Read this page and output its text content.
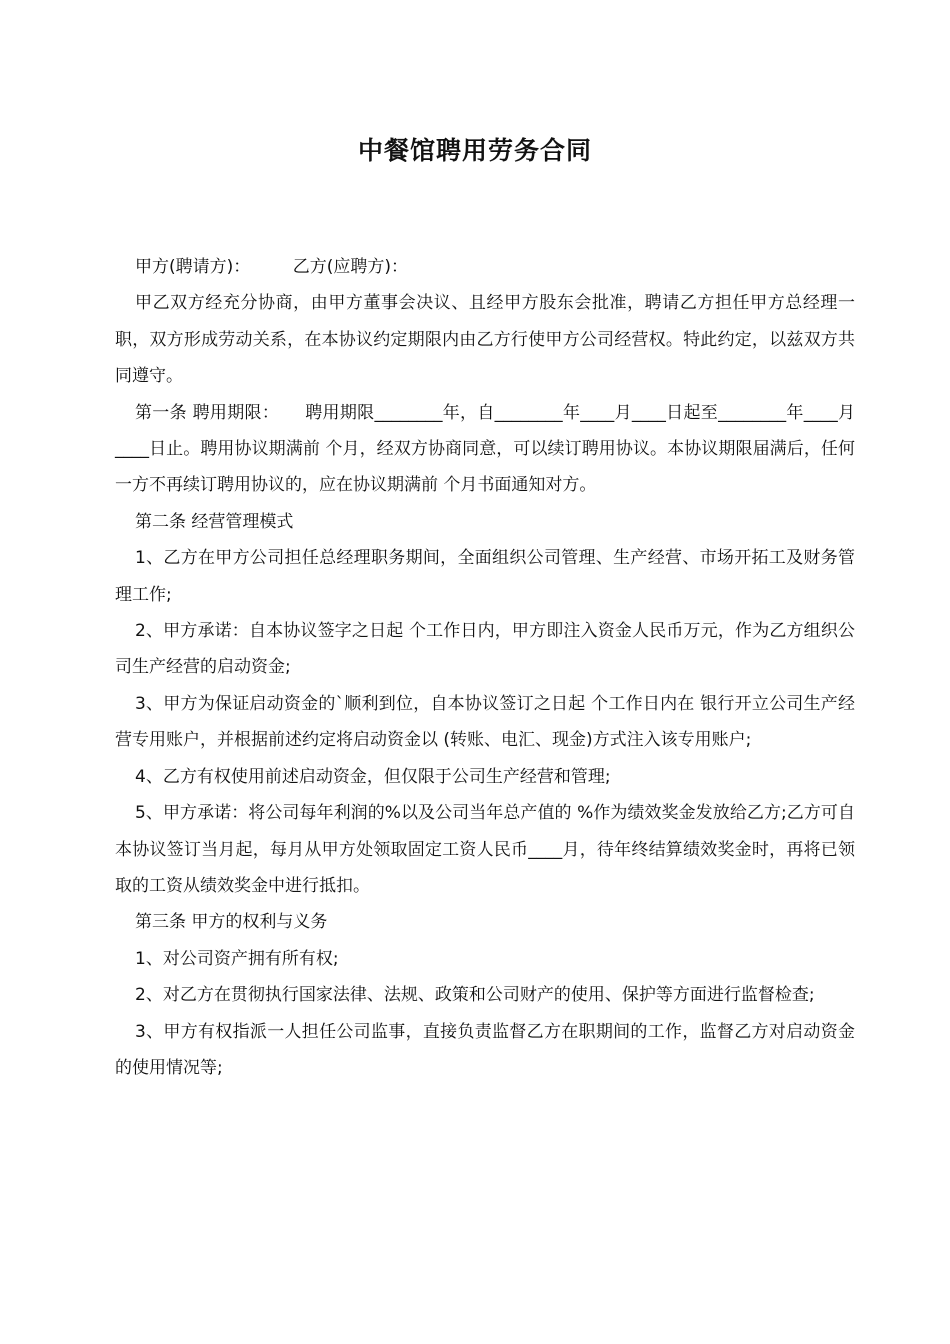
中餐馆聘用劳务合同

甲方(聘请方)：　　　乙方(应聘方)：

甲乙双方经充分协商，由甲方董事会决议、且经甲方股东会批准，聘请乙方担任甲方总经理一职，双方形成劳动关系，在本协议约定期限内由乙方行使甲方公司经营权。特此约定，以兹双方共同遵守。

第一条 聘用期限：　　聘用期限________年，自________年____月____日起至________年____月____日止。聘用协议期满前 个月，经双方协商同意，可以续订聘用协议。本协议期限届满后，任何一方不再续订聘用协议的，应在协议期满前 个月书面通知对方。

第二条 经营管理模式

1、乙方在甲方公司担任总经理职务期间，全面组织公司管理、生产经营、市场开拓工及财务管理工作;

2、甲方承诺：自本协议签字之日起 个工作日内，甲方即注入资金人民币万元，作为乙方组织公司生产经营的启动资金;

3、甲方为保证启动资金的`顺利到位，自本协议签订之日起 个工作日内在 银行开立公司生产经营专用账户，并根据前述约定将启动资金以 (转账、电汇、现金)方式注入该专用账户;

4、乙方有权使用前述启动资金，但仅限于公司生产经营和管理;

5、甲方承诺：将公司每年利润的%以及公司当年总产值的 %作为绩效奖金发放给乙方;乙方可自本协议签订当月起，每月从甲方处领取固定工资人民币____月，待年终结算绩效奖金时，再将已领取的工资从绩效奖金中进行抵扣。

第三条 甲方的权利与义务

1、对公司资产拥有所有权;

2、对乙方在贯彻执行国家法律、法规、政策和公司财产的使用、保护等方面进行监督检查;

3、甲方有权指派一人担任公司监事，直接负责监督乙方在职期间的工作，监督乙方对启动资金的使用情况等;
